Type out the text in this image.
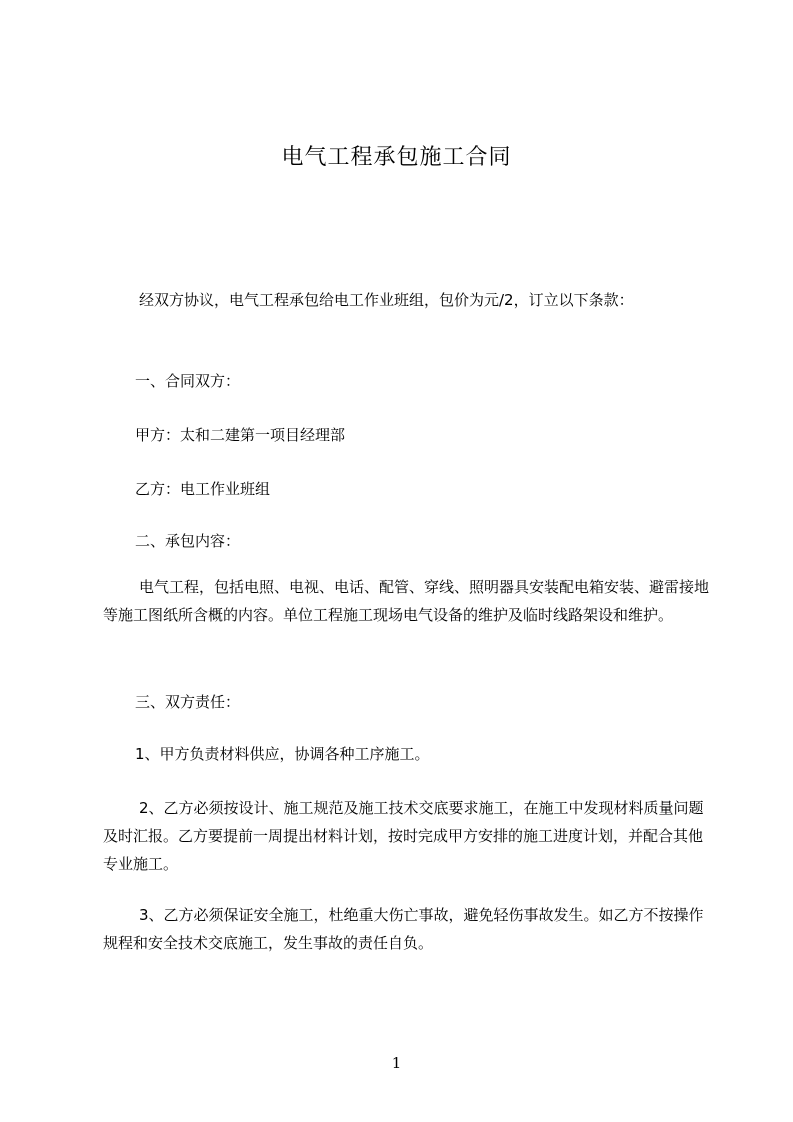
电气工程承包施工合同
经双方协议，电气工程承包给电工作业班组，包价为元/2，订立以下条款：
一、合同双方：
甲方：太和二建第一项目经理部
乙方：电工作业班组
二、承包内容：
电气工程，包括电照、电视、电话、配管、穿线、照明器具安装配电箱安装、避雷接地等施工图纸所含概的内容。单位工程施工现场电气设备的维护及临时线路架设和维护。
三、双方责任：
1、甲方负责材料供应，协调各种工序施工。
2、乙方必须按设计、施工规范及施工技术交底要求施工，在施工中发现材料质量问题及时汇报。乙方要提前一周提出材料计划，按时完成甲方安排的施工进度计划，并配合其他专业施工。
3、乙方必须保证安全施工，杜绝重大伤亡事故，避免轻伤事故发生。如乙方不按操作规程和安全技术交底施工，发生事故的责任自负。
1
